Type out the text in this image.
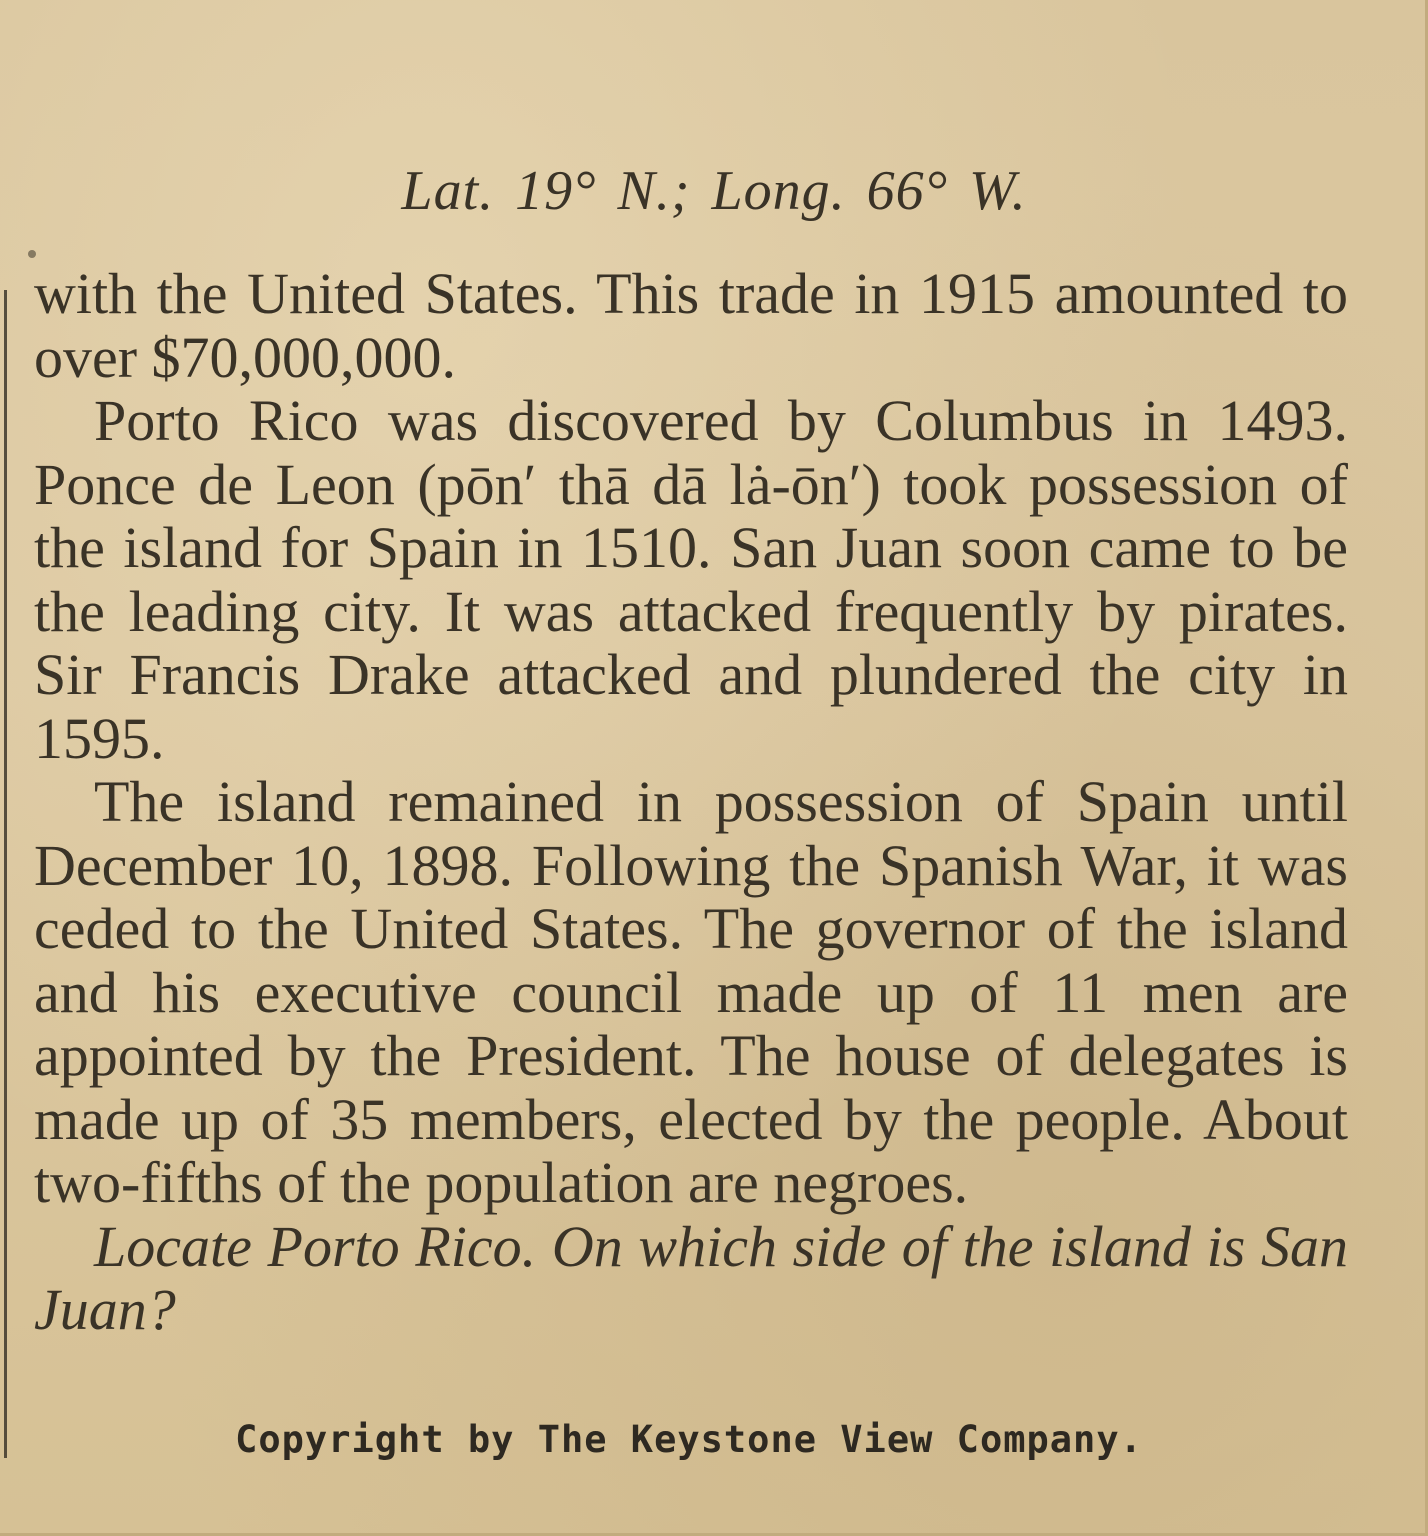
Lat. 19° N.; Long. 66° W.

with the United States. This trade in 1915 amounted to over $70,000,000.

Porto Rico was discovered by Columbus in 1493. Ponce de Leon (pōn′ thā dā lȧ-ōn′) took possession of the island for Spain in 1510. San Juan soon came to be the leading city. It was attacked frequently by pirates. Sir Francis Drake attacked and plundered the city in 1595.

The island remained in possession of Spain until December 10, 1898. Following the Spanish War, it was ceded to the United States. The governor of the island and his executive council made up of 11 men are appointed by the President. The house of delegates is made up of 35 members, elected by the people. About two-fifths of the population are negroes.

Locate Porto Rico. On which side of the island is San Juan?

Copyright by The Keystone View Company.
